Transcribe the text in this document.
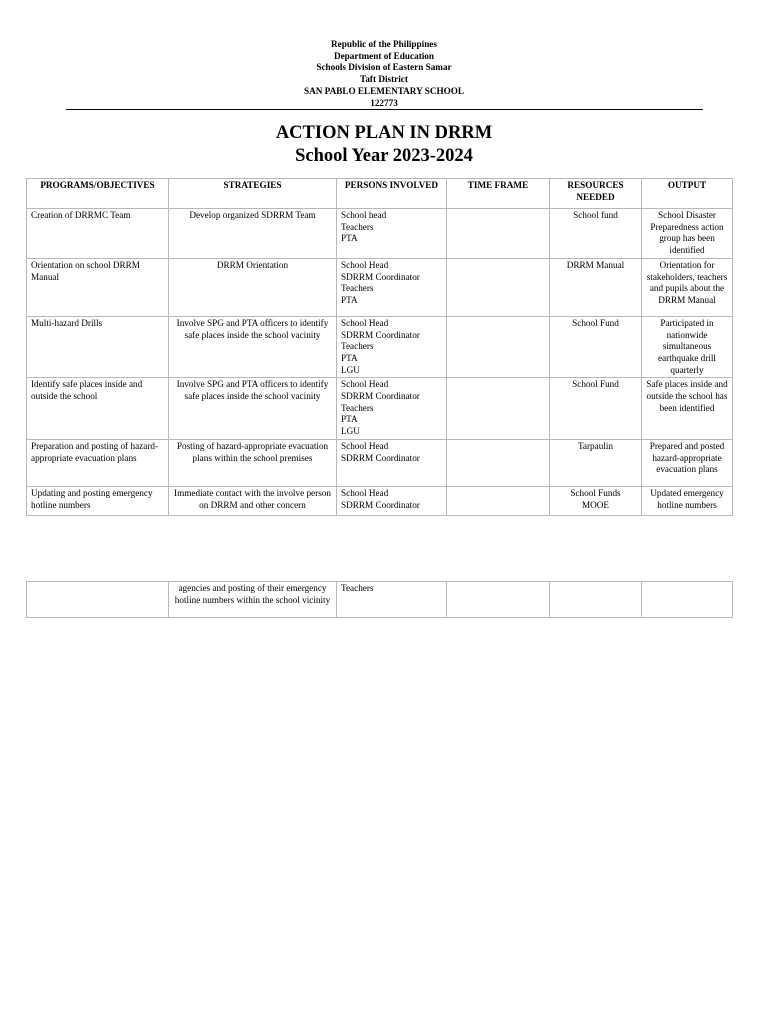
Republic of the Philippines
Department of Education
Schools Division of Eastern Samar
Taft District
SAN PABLO ELEMENTARY SCHOOL
122773
ACTION PLAN IN DRRM
School Year 2023-2024
PROGRAMS/OBJECTIVES	STRATEGIES	PERSONS INVOLVED	TIME FRAME	RESOURCES NEEDED	OUTPUT
Creation of DRRMC Team	Develop organized SDRRM Team	School head
Teachers
PTA		School fund	School Disaster Preparedness action group has been identified
Orientation on school DRRM Manual	DRRM Orientation	School Head
SDRRM Coordinator
Teachers
PTA		DRRM Manual	Orientation for stakeholders, teachers and pupils about the DRRM Manual
Multi-hazard Drills	Involve SPG and PTA officers to identify safe places inside the school vacinity	School Head
SDRRM Coordinator
Teachers
PTA
LGU		School Fund	Participated in nationwide simultaneous earthquake drill quarterly
Identify safe places inside and outside the school	Involve SPG and PTA officers to identify safe places inside the school vacinity	School Head
SDRRM Coordinator
Teachers
PTA
LGU		School Fund	Safe places inside and outside the school has been identified
Preparation and posting of hazard-appropriate evacuation plans	Posting of hazard-appropriate evacuation plans within the school premises	School Head
SDRRM Coordinator		Tarpaulin	Prepared and posted hazard-appropriate evacuation plans
Updating and posting emergency hotline numbers	Immediate contact with the involve person on DRRM and other concern	School Head
SDRRM Coordinator		School Funds
MOOE	Updated emergency hotline numbers
	agencies and posting of their emergency hotline numbers within the school vicinity	Teachers			
